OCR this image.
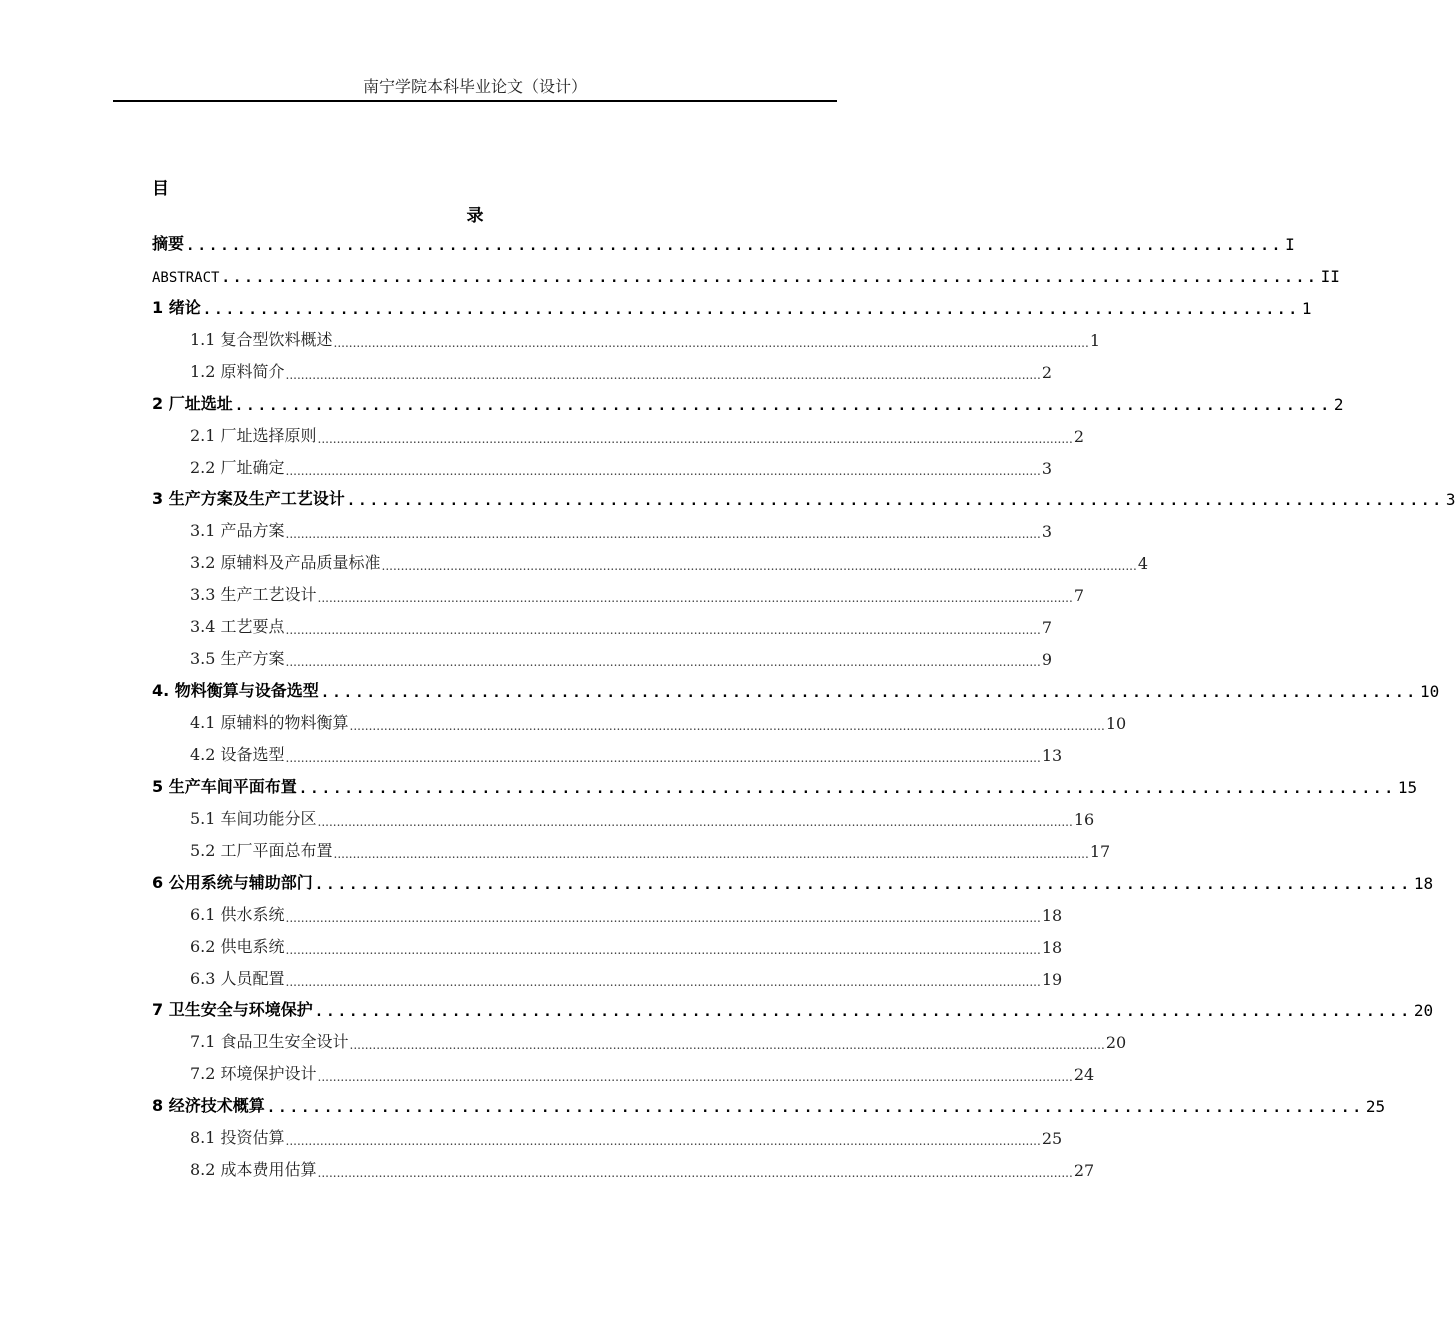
南宁学院本科毕业论文（设计）
目
录
摘要 ................................................................................................ I
ABSTRACT ................................................................................................ II
1 绪论 ................................................................................................ 1
1.1 复合型饮料概述 ...................................................................................................................................................................................................... 1
1.2 原料简介 ...................................................................................................................................................................................................... 2
2 厂址选址 ................................................................................................ 2
2.1 厂址选择原则 ...................................................................................................................................................................................................... 2
2.2 厂址确定 ...................................................................................................................................................................................................... 3
3 生产方案及生产工艺设计 ................................................................................................ 3
3.1 产品方案 ...................................................................................................................................................................................................... 3
3.2 原辅料及产品质量标准 ...................................................................................................................................................................................................... 4
3.3 生产工艺设计 ...................................................................................................................................................................................................... 7
3.4 工艺要点 ...................................................................................................................................................................................................... 7
3.5 生产方案 ...................................................................................................................................................................................................... 9
4. 物料衡算与设备选型 ................................................................................................ 10
4.1 原辅料的物料衡算 ...................................................................................................................................................................................................... 10
4.2 设备选型 ...................................................................................................................................................................................................... 13
5 生产车间平面布置 ................................................................................................ 15
5.1 车间功能分区 ...................................................................................................................................................................................................... 16
5.2 工厂平面总布置 ...................................................................................................................................................................................................... 17
6 公用系统与辅助部门 ................................................................................................ 18
6.1 供水系统 ...................................................................................................................................................................................................... 18
6.2 供电系统 ...................................................................................................................................................................................................... 18
6.3 人员配置 ...................................................................................................................................................................................................... 19
7 卫生安全与环境保护 ................................................................................................ 20
7.1 食品卫生安全设计 ...................................................................................................................................................................................................... 20
7.2 环境保护设计 ...................................................................................................................................................................................................... 24
8 经济技术概算 ................................................................................................ 25
8.1 投资估算 ...................................................................................................................................................................................................... 25
8.2 成本费用估算 ...................................................................................................................................................................................................... 27
